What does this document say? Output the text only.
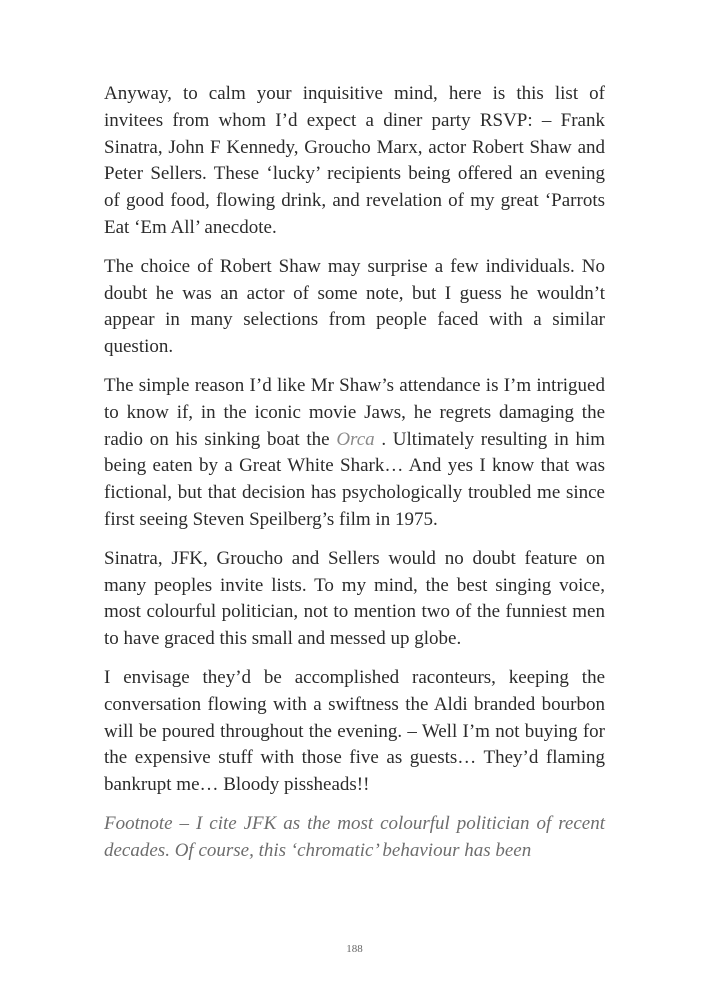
Anyway, to calm your inquisitive mind, here is this list of invitees from whom I’d expect a diner party RSVP: – Frank Sinatra, John F Kennedy, Groucho Marx, actor Robert Shaw and Peter Sellers. These ‘lucky’ recipients being offered an evening of good food, flowing drink, and revelation of my great ‘Parrots Eat ‘Em All’ anecdote.

The choice of Robert Shaw may surprise a few individuals. No doubt he was an actor of some note, but I guess he wouldn’t appear in many selections from people faced with a similar question.

The simple reason I’d like Mr Shaw’s attendance is I’m intrigued to know if, in the iconic movie Jaws, he regrets damaging the radio on his sinking boat the Orca . Ultimately resulting in him being eaten by a Great White Shark… And yes I know that was fictional, but that decision has psychologically troubled me since first seeing Steven Speilberg’s film in 1975.

Sinatra, JFK, Groucho and Sellers would no doubt feature on many peoples invite lists. To my mind, the best singing voice, most colourful politician, not to mention two of the funniest men to have graced this small and messed up globe.

I envisage they’d be accomplished raconteurs, keeping the conversation flowing with a swiftness the Aldi branded bourbon will be poured throughout the evening. – Well I’m not buying for the expensive stuff with those five as guests… They’d flaming bankrupt me… Bloody pissheads!!

Footnote – I cite JFK as the most colourful politician of recent decades. Of course, this ‘chromatic’ behaviour has been

188
